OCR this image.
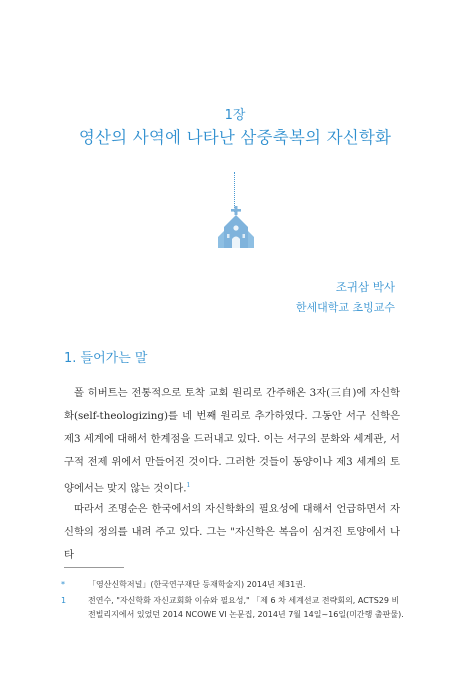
1장
영산의 사역에 나타난 삼중축복의 자신학화
조귀삼 박사
한세대학교 초빙교수
1. 들어가는 말

폴 히버트는 전통적으로 토착 교회 원리로 간주해온 3자(三自)에 자신학화(self-theologizing)를 네 번째 원리로 추가하였다. 그동안 서구 신학은 제3 세계에 대해서 한계점을 드러내고 있다. 이는 서구의 문화와 세계관, 서구적 전제 위에서 만들어진 것이다. 그러한 것들이 동양이나 제3 세계의 토양에서는 맞지 않는 것이다.$^1$

따라서 조명순은 한국에서의 자신학화의 필요성에 대해서 언급하면서 자신학의 정의를 내려 주고 있다. 그는 "자신학은 복음이 심겨진 토양에서 나타

*	「영산신학저널」(한국연구재단 등재학술지) 2014년 제31권.
1	전연수, "자신학화 자신교회화 이슈와 필요성," 「제 6 차 세계선교 전략회의, ACTS29 비전빌리지에서 있었던 2014 NCOWE VI 논문집, 2014년 7월 14일~16일(미간행 출판물).
